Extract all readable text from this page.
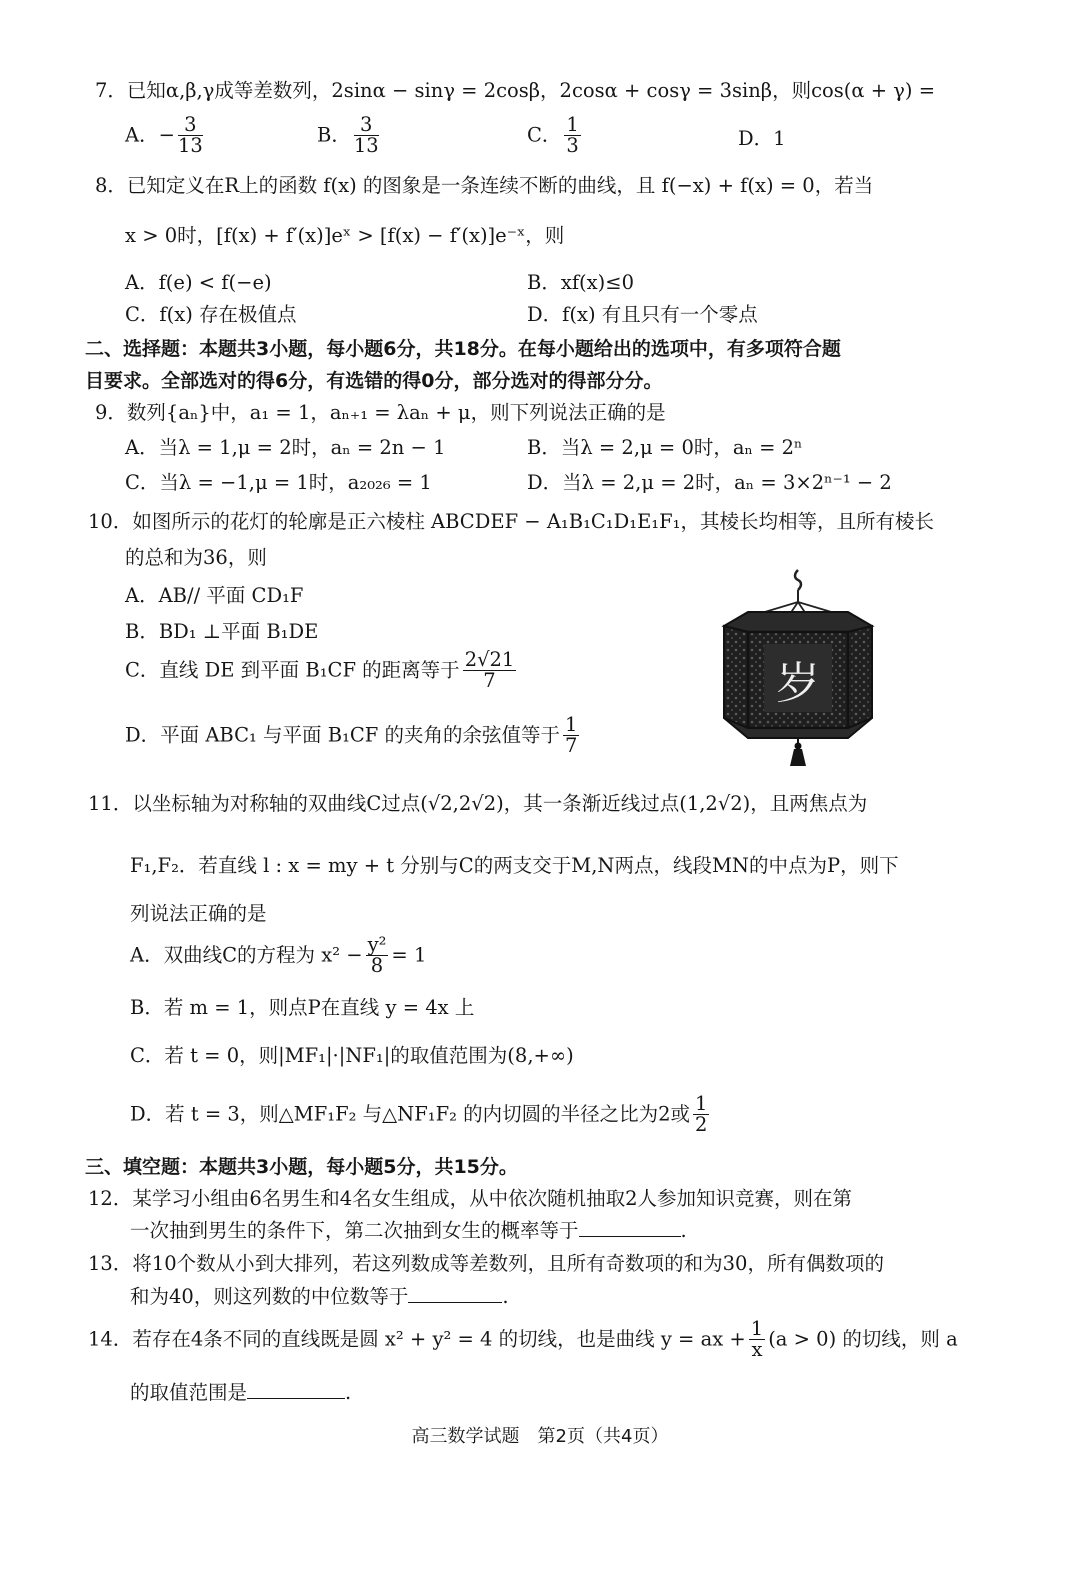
7．已知α,β,γ成等差数列，2sinα − sinγ = 2cosβ，2cosα + cosγ = 3sinβ，则cos(α + γ) =
A．− $\frac{3}{13}$	B． $\frac{3}{13}$	C． $\frac{1}{3}$	D．1
8．已知定义在R上的函数 f(x) 的图象是一条连续不断的曲线，且 f(−x) + f(x) = 0，若当
x > 0时，[f(x) + f′(x)]eˣ > [f(x) − f′(x)]e⁻ˣ，则
A．f(e) < f(−e)	B．xf(x)≤0
C．f(x) 存在极值点	D．f(x) 有且只有一个零点
二、选择题：本题共3小题，每小题6分，共18分。在每小题给出的选项中，有多项符合题
目要求。全部选对的得6分，有选错的得0分，部分选对的得部分分。
9．数列{aₙ}中，a₁ = 1，aₙ₊₁ = λaₙ + μ，则下列说法正确的是
A．当λ = 1,μ = 2时，aₙ = 2n − 1	B．当λ = 2,μ = 0时，aₙ = 2ⁿ
C．当λ = −1,μ = 1时，a₂₀₂₆ = 1	D．当λ = 2,μ = 2时，aₙ = 3×2ⁿ⁻¹ − 2
10．如图所示的花灯的轮廓是正六棱柱 ABCDEF − A₁B₁C₁D₁E₁F₁，其棱长均相等，且所有棱长
的总和为36，则
A．AB// 平面 CD₁F
B．BD₁ ⊥平面 B₁DE
C．直线 DE 到平面 B₁CF 的距离等于 $\frac{2√21}{7}$
D．平面 ABC₁ 与平面 B₁CF 的夹角的余弦值等于 $\frac{1}{7}$
岁
11．以坐标轴为对称轴的双曲线C过点(√2,2√2)，其一条渐近线过点(1,2√2)，且两焦点为
F₁,F₂．若直线 l : x = my + t 分别与C的两支交于M,N两点，线段MN的中点为P，则下
列说法正确的是
A．双曲线C的方程为 $x^2 - \frac{\text{y²}}{8} = 1$
B．若 m = 1，则点P在直线 y = 4x 上
C．若 t = 0，则|MF₁|·|NF₁|的取值范围为(8,+∞)
D．若 t = 3，则△MF₁F₂ 与△NF₁F₂ 的内切圆的半径之比为2或 $\frac{1}{2}$
三、填空题：本题共3小题，每小题5分，共15分。
12．某学习小组由6名男生和4名女生组成，从中依次随机抽取2人参加知识竞赛，则在第
一次抽到男生的条件下，第二次抽到女生的概率等于	.
13．将10个数从小到大排列，若这列数成等差数列，且所有奇数项的和为30，所有偶数项的
和为40，则这列数的中位数等于	.
14．若存在4条不同的直线既是圆 x² + y² = 4 的切线，也是曲线 y = ax + $\frac{1}{x} (a > 0)$ 的切线，则 a
的取值范围是	.
高三数学试题　第2页（共4页）
